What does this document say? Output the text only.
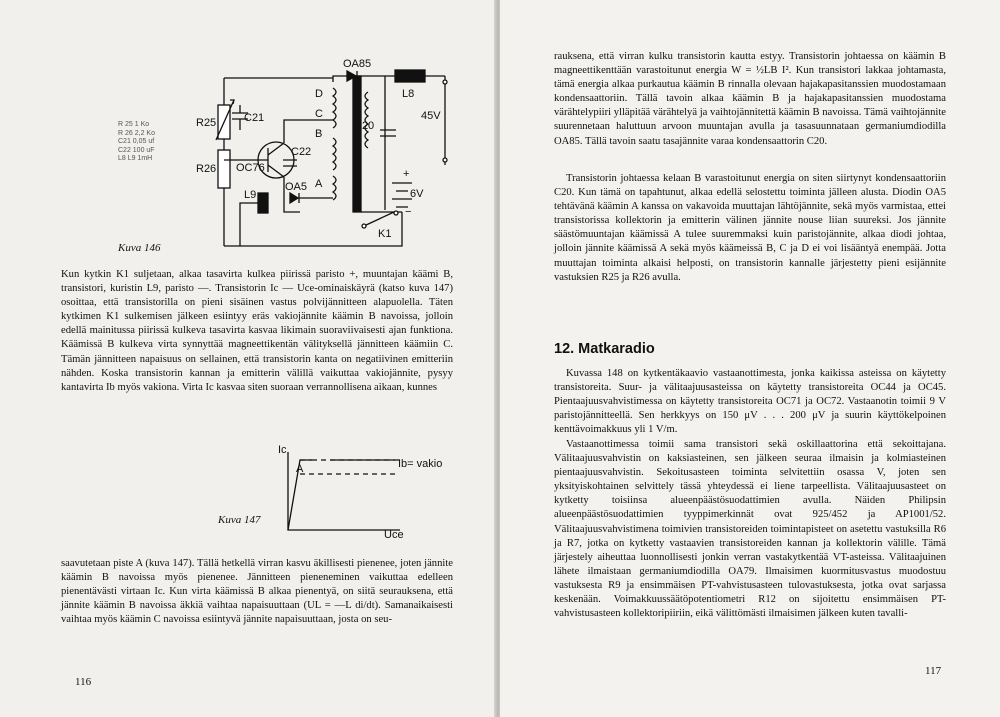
R 25 1 Ko
R 26 2,2 Ko
C21 0,05 uf
C22 100 uF
L8 L9 1mH
OA85
L8
D
C
B
A
C20
C21
C22
R25
R26 OC76
L9
OA5
45V
+
6V
−
K1
Kuva 146

Kun kytkin K1 suljetaan, alkaa tasavirta kulkea piirissä paristo +, muuntajan käämi B, transistori, kuristin L9, paristo —. Transistorin Ic — Uce-ominaiskäyrä (katso kuva 147) osoittaa, että transistorilla on pieni sisäinen vastus polvijännitteen alapuolella. Täten kytkimen K1 sulkemisen jälkeen esiintyy eräs vakiojännite käämin B navoissa, jolloin edellä mainitussa piirissä kulkeva tasavirta kasvaa likimain suoraviivaisesti ajan funktiona. Käämissä B kulkeva virta synnyttää magneettikentän välityksellä jännitteen käämiin C. Tämän jännitteen napaisuus on sellainen, että transistorin kanta on negatiivinen emitteriin nähden. Koska transistorin kannan ja emitterin välillä vaikuttaa vakiojännite, pysyy kantavirta Ib myös vakiona. Virta Ic kasvaa siten suoraan verrannollisena aikaan, kunnes

Ic
A	Ib= vakio
Uce
Kuva 147

saavutetaan piste A (kuva 147). Tällä hetkellä virran kasvu äkillisesti pienenee, joten jännite käämin B navoissa myös pienenee. Jännitteen pieneneminen vaikuttaa edelleen pienentävästi virtaan Ic. Kun virta käämissä B alkaa pienentyä, on siitä seurauksena, että jännite käämin B navoissa äkkiä vaihtaa napaisuuttaan (UL = —L di/dt). Samanaikaisesti vaihtaa myös käämin C navoissa esiintyvä jännite napaisuuttaan, josta on seu-

116

rauksena, että virran kulku transistorin kautta estyy. Transistorin johtaessa on käämin B magneettikenttään varastoitunut energia W = ½LB I². Kun transistori lakkaa johtamasta, tämä energia alkaa purkautua käämin B rinnalla olevaan hajakapasitanssien muodostamaan kondensaattoriin. Tällä tavoin alkaa käämin B ja hajakapasitanssien muodostama värähtelypiiri ylläpitää värähtelyä ja vaihtojännitettä käämin B navoissa. Tämä vaihtojännite suurennetaan haluttuun arvoon muuntajan avulla ja tasasuunnataan germaniumdiodilla OA85. Tällä tavoin saatu tasajännite varaa kondensaattorin C20.

Transistorin johtaessa kelaan B varastoitunut energia on siten siirtynyt kondensaattoriin C20. Kun tämä on tapahtunut, alkaa edellä selostettu toiminta jälleen alusta. Diodin OA5 tehtävänä käämin A kanssa on vakavoida muuttajan lähtöjännite, sekä myös varmistaa, ettei transistorissa kollektorin ja emitterin välinen jännite nouse liian suureksi. Jos jännite säästömuuntajan käämissä A tulee suuremmaksi kuin paristojännite, alkaa diodi johtaa, jolloin jännite käämissä A sekä myös käämeissä B, C ja D ei voi lisääntyä enempää. Jotta muuttajan toiminta alkaisi helposti, on transistorin kannalle järjestetty pieni esijännite vastuksien R25 ja R26 avulla.

12. Matkaradio

Kuvassa 148 on kytkentäkaavio vastaanottimesta, jonka kaikissa asteissa on käytetty transistoreita. Suur- ja välitaajuusasteissa on käytetty transistoreita OC44 ja OC45. Pientaajuusvahvistimessa on käytetty transistoreita OC71 ja OC72. Vastaanotin toimii 9 V paristojännitteellä. Sen herkkyys on 150 μV . . . 200 μV ja suurin käyttökelpoinen kenttävoimakkuus yli 1 V/m.

Vastaanottimessa toimii sama transistori sekä oskillaattorina että sekoittajana. Välitaajuusvahvistin on kaksiasteinen, sen jälkeen seuraa ilmaisin ja kolmiasteinen pientaajuusvahvistin. Sekoitusasteen toiminta selvitettiin osassa V, joten sen yksityiskohtainen selvittely tässä yhteydessä ei liene tarpeellista. Välitaajuusasteet on kytketty toisiinsa alueenpäästösuodattimien avulla. Näiden Philipsin alueenpäästösuodattimien tyyppimerkinnät ovat 925/452 ja AP1001/52. Välitaajuusvahvistimena toimivien transistoreiden toimintapisteet on asetettu vastuksilla R6 ja R7, jotka on kytketty vastaavien transistoreiden kannan ja kollektorin välille. Tämä järjestely aiheuttaa luonnollisesti jonkin verran vastakytkentää VT-asteissa. Välitaajuinen lähete ilmaistaan germaniumdiodilla OA79. Ilmaisimen kuormitusvastus muodostuu vastuksesta R9 ja ensimmäisen PT-vahvistusasteen tulovastuksesta, jotka ovat sarjassa keskenään. Voimakkuussäätöpotentiometri R12 on sijoitettu ensimmäisen PT-vahvistusasteen kollektoripiiriin, eikä välittömästi ilmaisimen jälkeen kuten tavalli-

117
